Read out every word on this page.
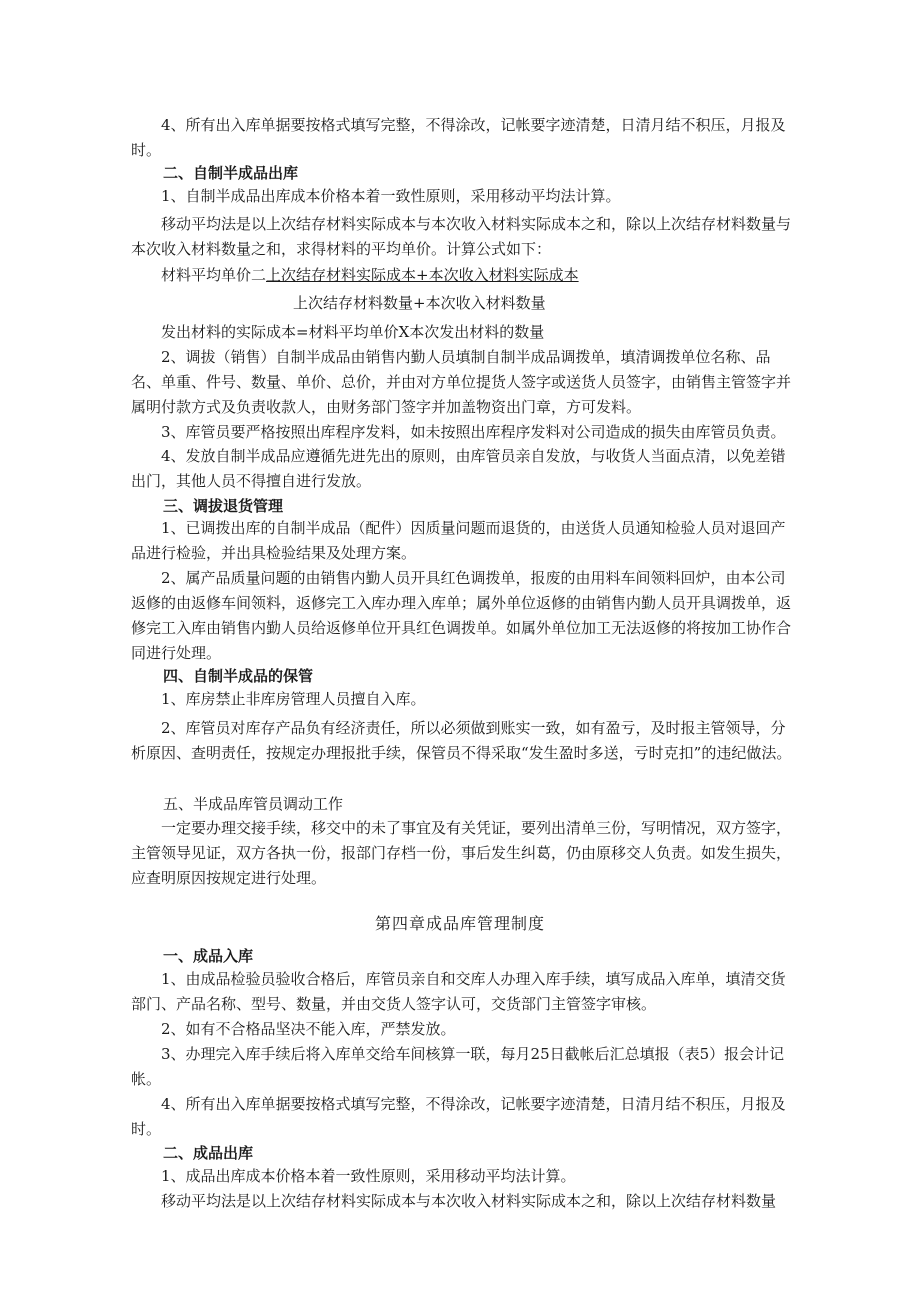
4、所有出入库单据要按格式填写完整，不得涂改，记帐要字迹清楚，日清月结不积压，月报及时。

二、自制半成品出库

1、自制半成品出库成本价格本着一致性原则，采用移动平均法计算。

移动平均法是以上次结存材料实际成本与本次收入材料实际成本之和，除以上次结存材料数量与本次收入材料数量之和，求得材料的平均单价。计算公式如下：

材料平均单价二上次结存材料实际成本+本次收入材料实际成本

上次结存材料数量+本次收入材料数量

发出材料的实际成本=材料平均单价X本次发出材料的数量

2、调拔（销售）自制半成品由销售内勤人员填制自制半成品调拨单，填清调拨单位名称、品名、单重、件号、数量、单价、总价，并由对方单位提货人签字或送货人员签字，由销售主管签字并属明付款方式及负责收款人，由财务部门签字并加盖物资出门章，方可发料。

3、库管员要严格按照出库程序发料，如未按照出库程序发料对公司造成的损失由库管员负责。

4、发放自制半成品应遵循先进先出的原则，由库管员亲自发放，与收货人当面点清，以免差错出门，其他人员不得擅自进行发放。

三、调拔退货管理

1、已调拨出库的自制半成品（配件）因质量问题而退货的，由送货人员通知检验人员对退回产品进行检验，并出具检验结果及处理方案。

2、属产品质量问题的由销售内勤人员开具红色调拨单，报废的由用料车间领料回炉，由本公司返修的由返修车间领料，返修完工入库办理入库单；属外单位返修的由销售内勤人员开具调拨单，返修完工入库由销售内勤人员给返修单位开具红色调拨单。如属外单位加工无法返修的将按加工协作合同进行处理。

四、自制半成品的保管

1、库房禁止非库房管理人员擅自入库。

2、库管员对库存产品负有经济责任，所以必须做到账实一致，如有盈亏，及时报主管领导，分析原因、查明责任，按规定办理报批手续，保管员不得采取“发生盈时多送，亏时克扣”的违纪做法。

五、半成品库管员调动工作

一定要办理交接手续，移交中的未了事宜及有关凭证，要列出清单三份，写明情况，双方签字，主管领导见证，双方各执一份，报部门存档一份，事后发生纠葛，仍由原移交人负责。如发生损失，应查明原因按规定进行处理。

第四章成品库管理制度

一、成品入库

1、由成品检验员验收合格后，库管员亲自和交库人办理入库手续，填写成品入库单，填清交货部门、产品名称、型号、数量，并由交货人签字认可，交货部门主管签字审核。

2、如有不合格品坚决不能入库，严禁发放。

3、办理完入库手续后将入库单交给车间核算一联，每月25日截帐后汇总填报（表5）报会计记帐。

4、所有出入库单据要按格式填写完整，不得涂改，记帐要字迹清楚，日清月结不积压，月报及时。

二、成品出库

1、成品出库成本价格本着一致性原则，采用移动平均法计算。

移动平均法是以上次结存材料实际成本与本次收入材料实际成本之和，除以上次结存材料数量
